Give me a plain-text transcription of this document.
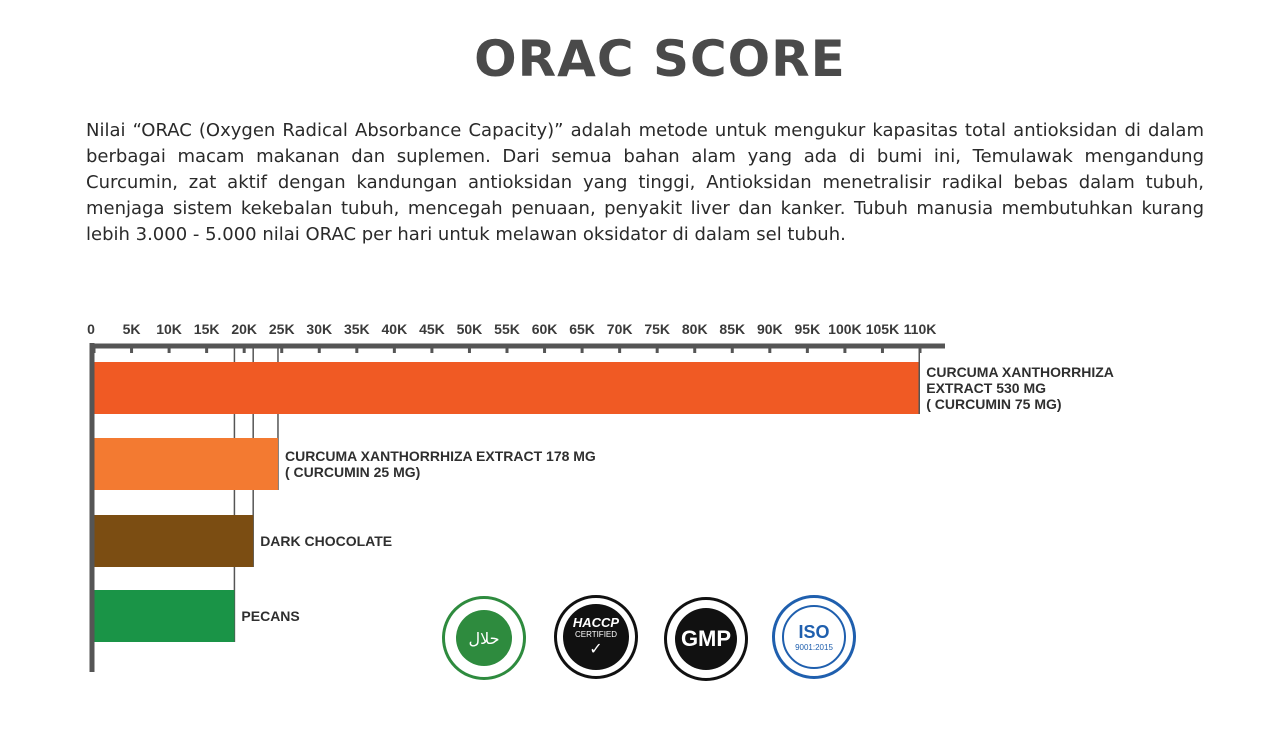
ORAC SCORE

Nilai “ORAC (Oxygen Radical Absorbance Capacity)” adalah metode untuk mengukur kapasitas total antioksidan di dalam berbagai macam makanan dan suplemen. Dari semua bahan alam yang ada di bumi ini, Temulawak mengandung Curcumin, zat aktif dengan kandungan antioksidan yang tinggi, Antioksidan menetralisir radikal bebas dalam tubuh, menjaga sistem kekebalan tubuh, mencegah penuaan, penyakit liver dan kanker. Tubuh manusia membutuhkan kurang lebih 3.000 - 5.000 nilai ORAC per hari untuk melawan oksidator di dalam sel tubuh.

CURCUMA XANTHORRHIZA
EXTRACT 530 MG
( CURCUMIN 75 MG)
CURCUMA XANTHORRHIZA EXTRACT 178 MG
( CURCUMIN 25 MG)
DARK CHOCOLATE
PECANS
0 5K 10K 15K 20K 25K 30K 35K 40K 45K 50K 55K 60K 65K 70K 75K 80K 85K 90K 95K 100K 105K 110K
حلال
HACCP
CERTIFIED
✓	GMP	ISO
9001:2015
